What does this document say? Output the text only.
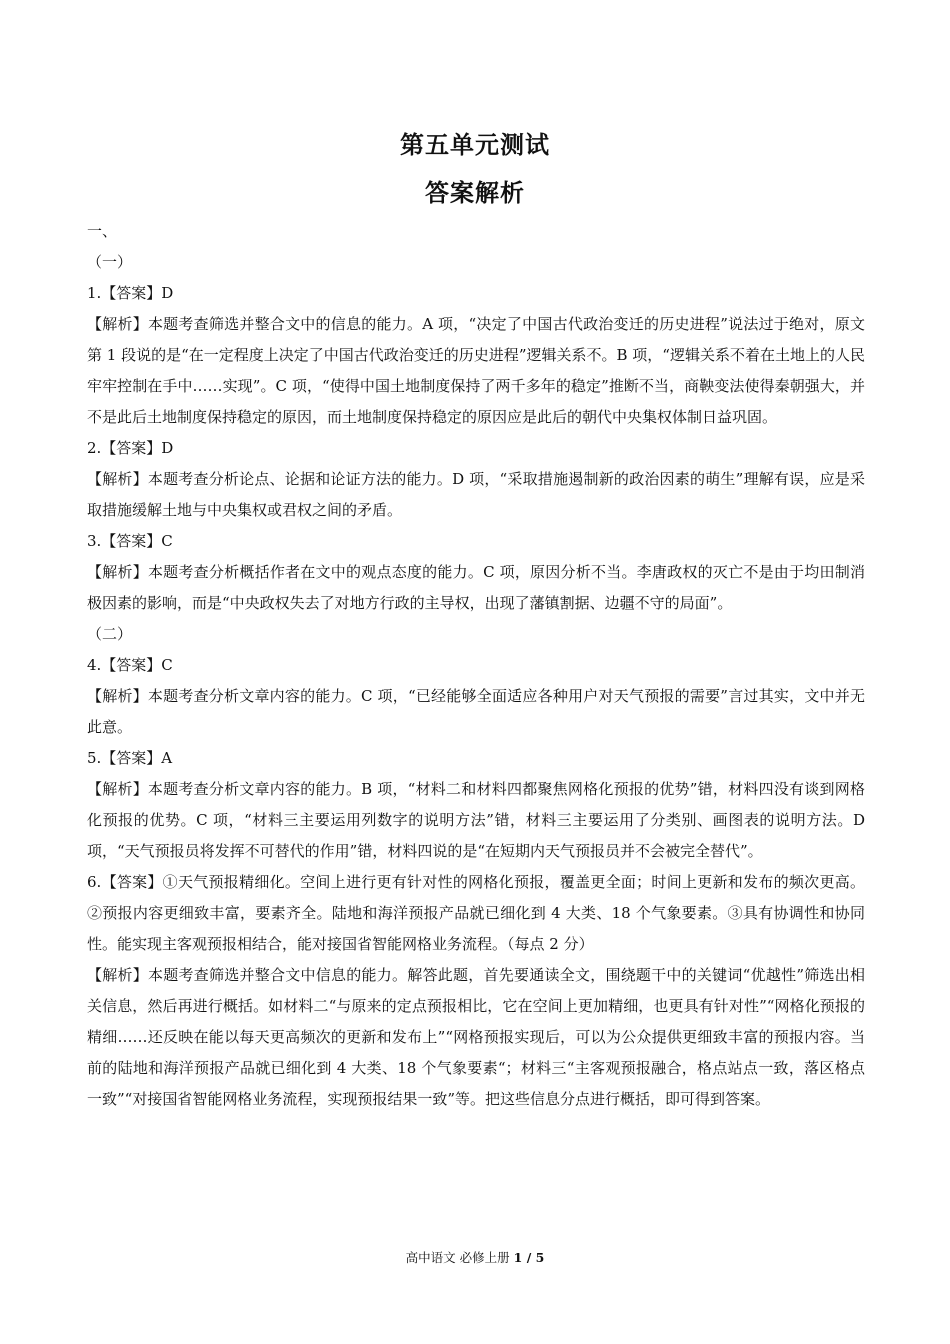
第五单元测试
答案解析
一、
（一）
1.【答案】D
【解析】本题考查筛选并整合文中的信息的能力。A 项，“决定了中国古代政治变迁的历史进程”说法过于绝对，原文第 1 段说的是“在一定程度上决定了中国古代政治变迁的历史进程”逻辑关系不。B 项，“逻辑关系不着在土地上的人民牢牢控制在手中……实现”。C 项，“使得中国土地制度保持了两千多年的稳定”推断不当，商鞅变法使得秦朝强大，并不是此后土地制度保持稳定的原因，而土地制度保持稳定的原因应是此后的朝代中央集权体制日益巩固。
2.【答案】D
【解析】本题考查分析论点、论据和论证方法的能力。D 项，“采取措施遏制新的政治因素的萌生”理解有误，应是采取措施缓解土地与中央集权或君权之间的矛盾。
3.【答案】C
【解析】本题考查分析概括作者在文中的观点态度的能力。C 项，原因分析不当。李唐政权的灭亡不是由于均田制消极因素的影响，而是“中央政权失去了对地方行政的主导权，出现了藩镇割据、边疆不守的局面”。
（二）
4.【答案】C
【解析】本题考查分析文章内容的能力。C 项，“已经能够全面适应各种用户对天气预报的需要”言过其实，文中并无此意。
5.【答案】A
【解析】本题考查分析文章内容的能力。B 项，“材料二和材料四都聚焦网格化预报的优势”错，材料四没有谈到网格化预报的优势。C 项，“材料三主要运用列数字的说明方法”错，材料三主要运用了分类别、画图表的说明方法。D 项，“天气预报员将发挥不可替代的作用”错，材料四说的是“在短期内天气预报员并不会被完全替代”。
6.【答案】①天气预报精细化。空间上进行更有针对性的网格化预报，覆盖更全面；时间上更新和发布的频次更高。②预报内容更细致丰富，要素齐全。陆地和海洋预报产品就已细化到 4 大类、18 个气象要素。③具有协调性和协同性。能实现主客观预报相结合，能对接国省智能网格业务流程。（每点 2 分）
【解析】本题考查筛选并整合文中信息的能力。解答此题，首先要通读全文，围绕题干中的关键词“优越性”筛选出相关信息，然后再进行概括。如材料二“与原来的定点预报相比，它在空间上更加精细，也更具有针对性”“网格化预报的精细……还反映在能以每天更高频次的更新和发布上”“网格预报实现后，可以为公众提供更细致丰富的预报内容。当前的陆地和海洋预报产品就已细化到 4 大类、18 个气象要素“；材料三“主客观预报融合，格点站点一致，落区格点一致”“对接国省智能网格业务流程，实现预报结果一致”等。把这些信息分点进行概括，即可得到答案。
高中语文 必修上册 1 / 5
